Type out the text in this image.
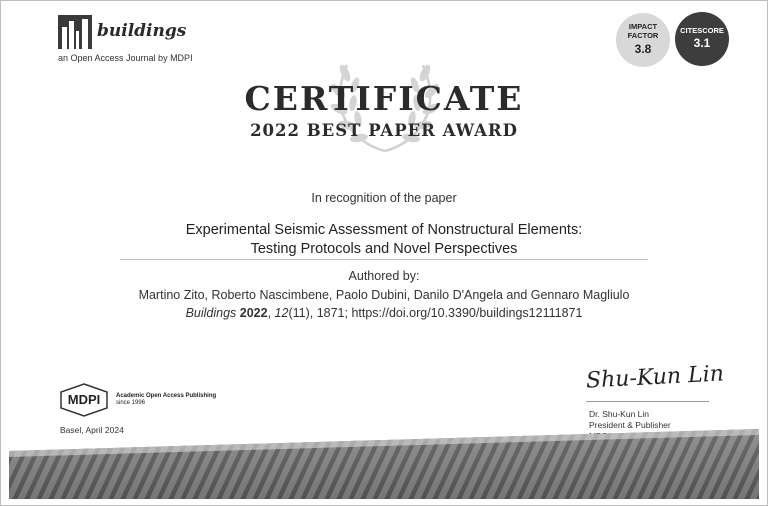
buildings
an Open Access Journal by MDPI
IMPACT FACTOR
3.8
CITESCORE
3.1
CERTIFICATE
2022 BEST PAPER AWARD
In recognition of the paper
Experimental Seismic Assessment of Nonstructural Elements:
Testing Protocols and Novel Perspectives
Authored by:
Martino Zito, Roberto Nascimbene, Paolo Dubini, Danilo D'Angela and Gennaro Magliulo
Buildings 2022, 12(11), 1871; https://doi.org/10.3390/buildings12111871
MDPI	Academic Open Access Publishing
since 1996
Basel, April 2024
Shu-Kun Lin
Dr. Shu-Kun Lin
President & Publisher
